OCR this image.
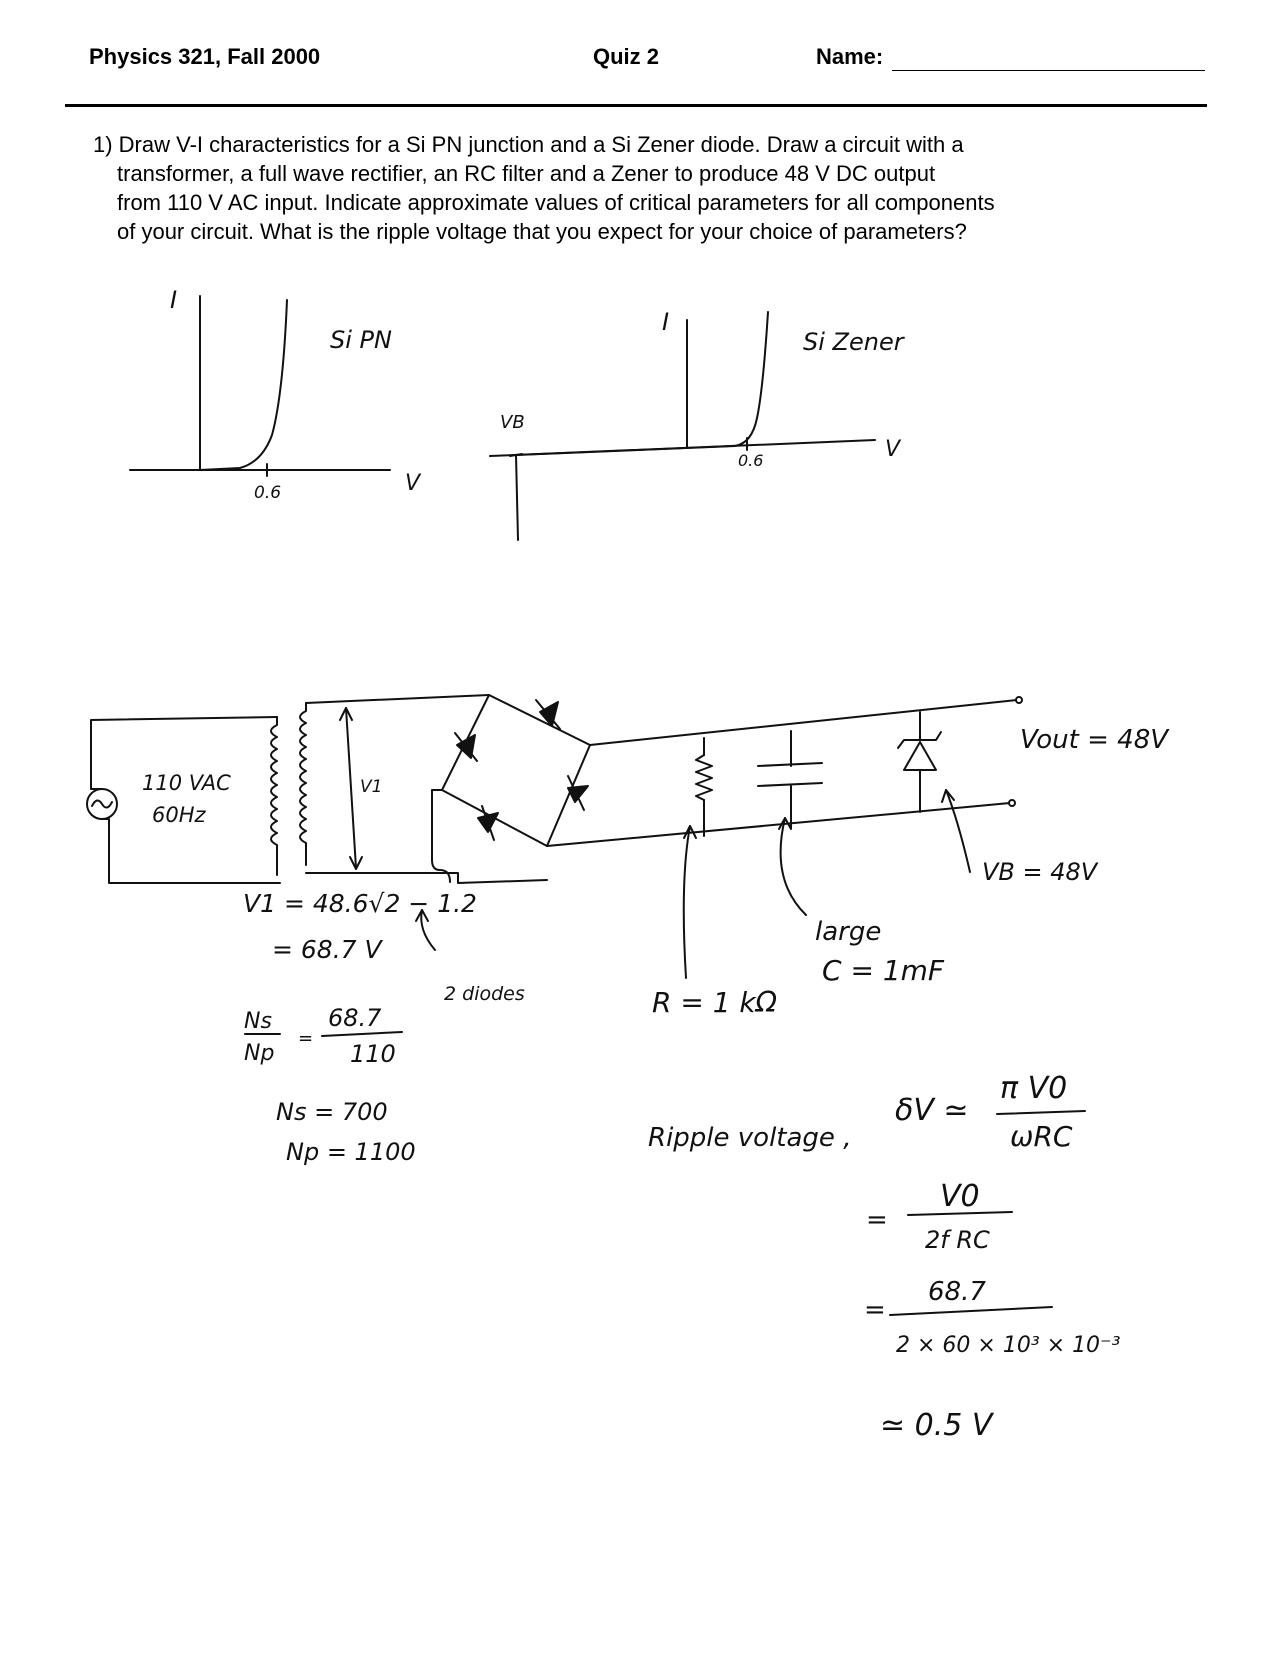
Physics 321, Fall 2000	Quiz 2	Name:
1) Draw V-I characteristics for a Si PN junction and a Si Zener diode. Draw a circuit with a
transformer, a full wave rectifier, an RC filter and a Zener to produce 48 V DC output
from 110 V AC input. Indicate approximate values of critical parameters for all components
of your circuit. What is the ripple voltage that you expect for your choice of parameters?
I
Si PN
0.6	V
I
Si Zener
VB
0.6	V
110 VAC
60Hz
V1
Vout = 48V
VB = 48V
V1 = 48.6√2 − 1.2
= 68.7 V
2 diodes
Ns
Np
=
68.7
110
Ns = 700
Np = 1100
R = 1 kΩ
large
C = 1mF
Ripple voltage ,
δV ≃
π V0
ωRC
=
V0
2f RC
=
68.7
2 × 60 × 10³ × 10⁻³
≃ 0.5 V
